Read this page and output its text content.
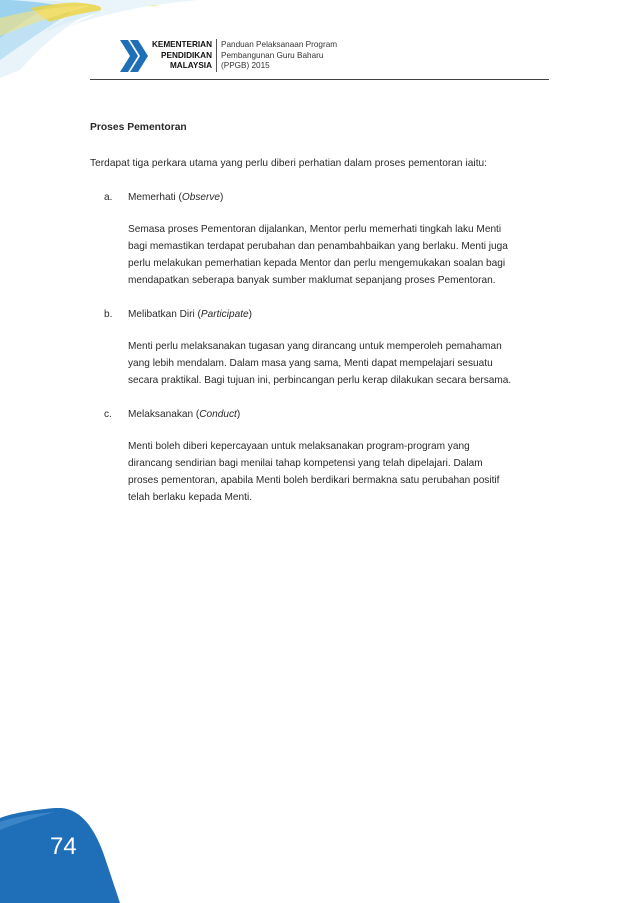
KEMENTERIAN
PENDIDIKAN
MALAYSIA
Panduan Pelaksanaan Program
Pembangunan Guru Baharu
(PPGB) 2015
Proses Pementoran
Terdapat tiga perkara utama yang perlu diberi perhatian dalam proses pementoran iaitu:
a.	Memerhati (Observe)
Semasa proses Pementoran dijalankan, Mentor perlu memerhati tingkah laku Menti
bagi memastikan terdapat perubahan dan penambahbaikan yang berlaku. Menti juga
perlu melakukan pemerhatian kepada Mentor dan perlu mengemukakan soalan bagi
mendapatkan seberapa banyak sumber maklumat sepanjang proses Pementoran.
b.	Melibatkan Diri (Participate)
Menti perlu melaksanakan tugasan yang dirancang untuk memperoleh pemahaman
yang lebih mendalam. Dalam masa yang sama, Menti dapat mempelajari sesuatu
secara praktikal. Bagi tujuan ini, perbincangan perlu kerap dilakukan secara bersama.
c.	Melaksanakan (Conduct)
Menti boleh diberi kepercayaan untuk melaksanakan program-program yang
dirancang sendirian bagi menilai tahap kompetensi yang telah dipelajari. Dalam
proses pementoran, apabila Menti boleh berdikari bermakna satu perubahan positif
telah berlaku kepada Menti.
74
